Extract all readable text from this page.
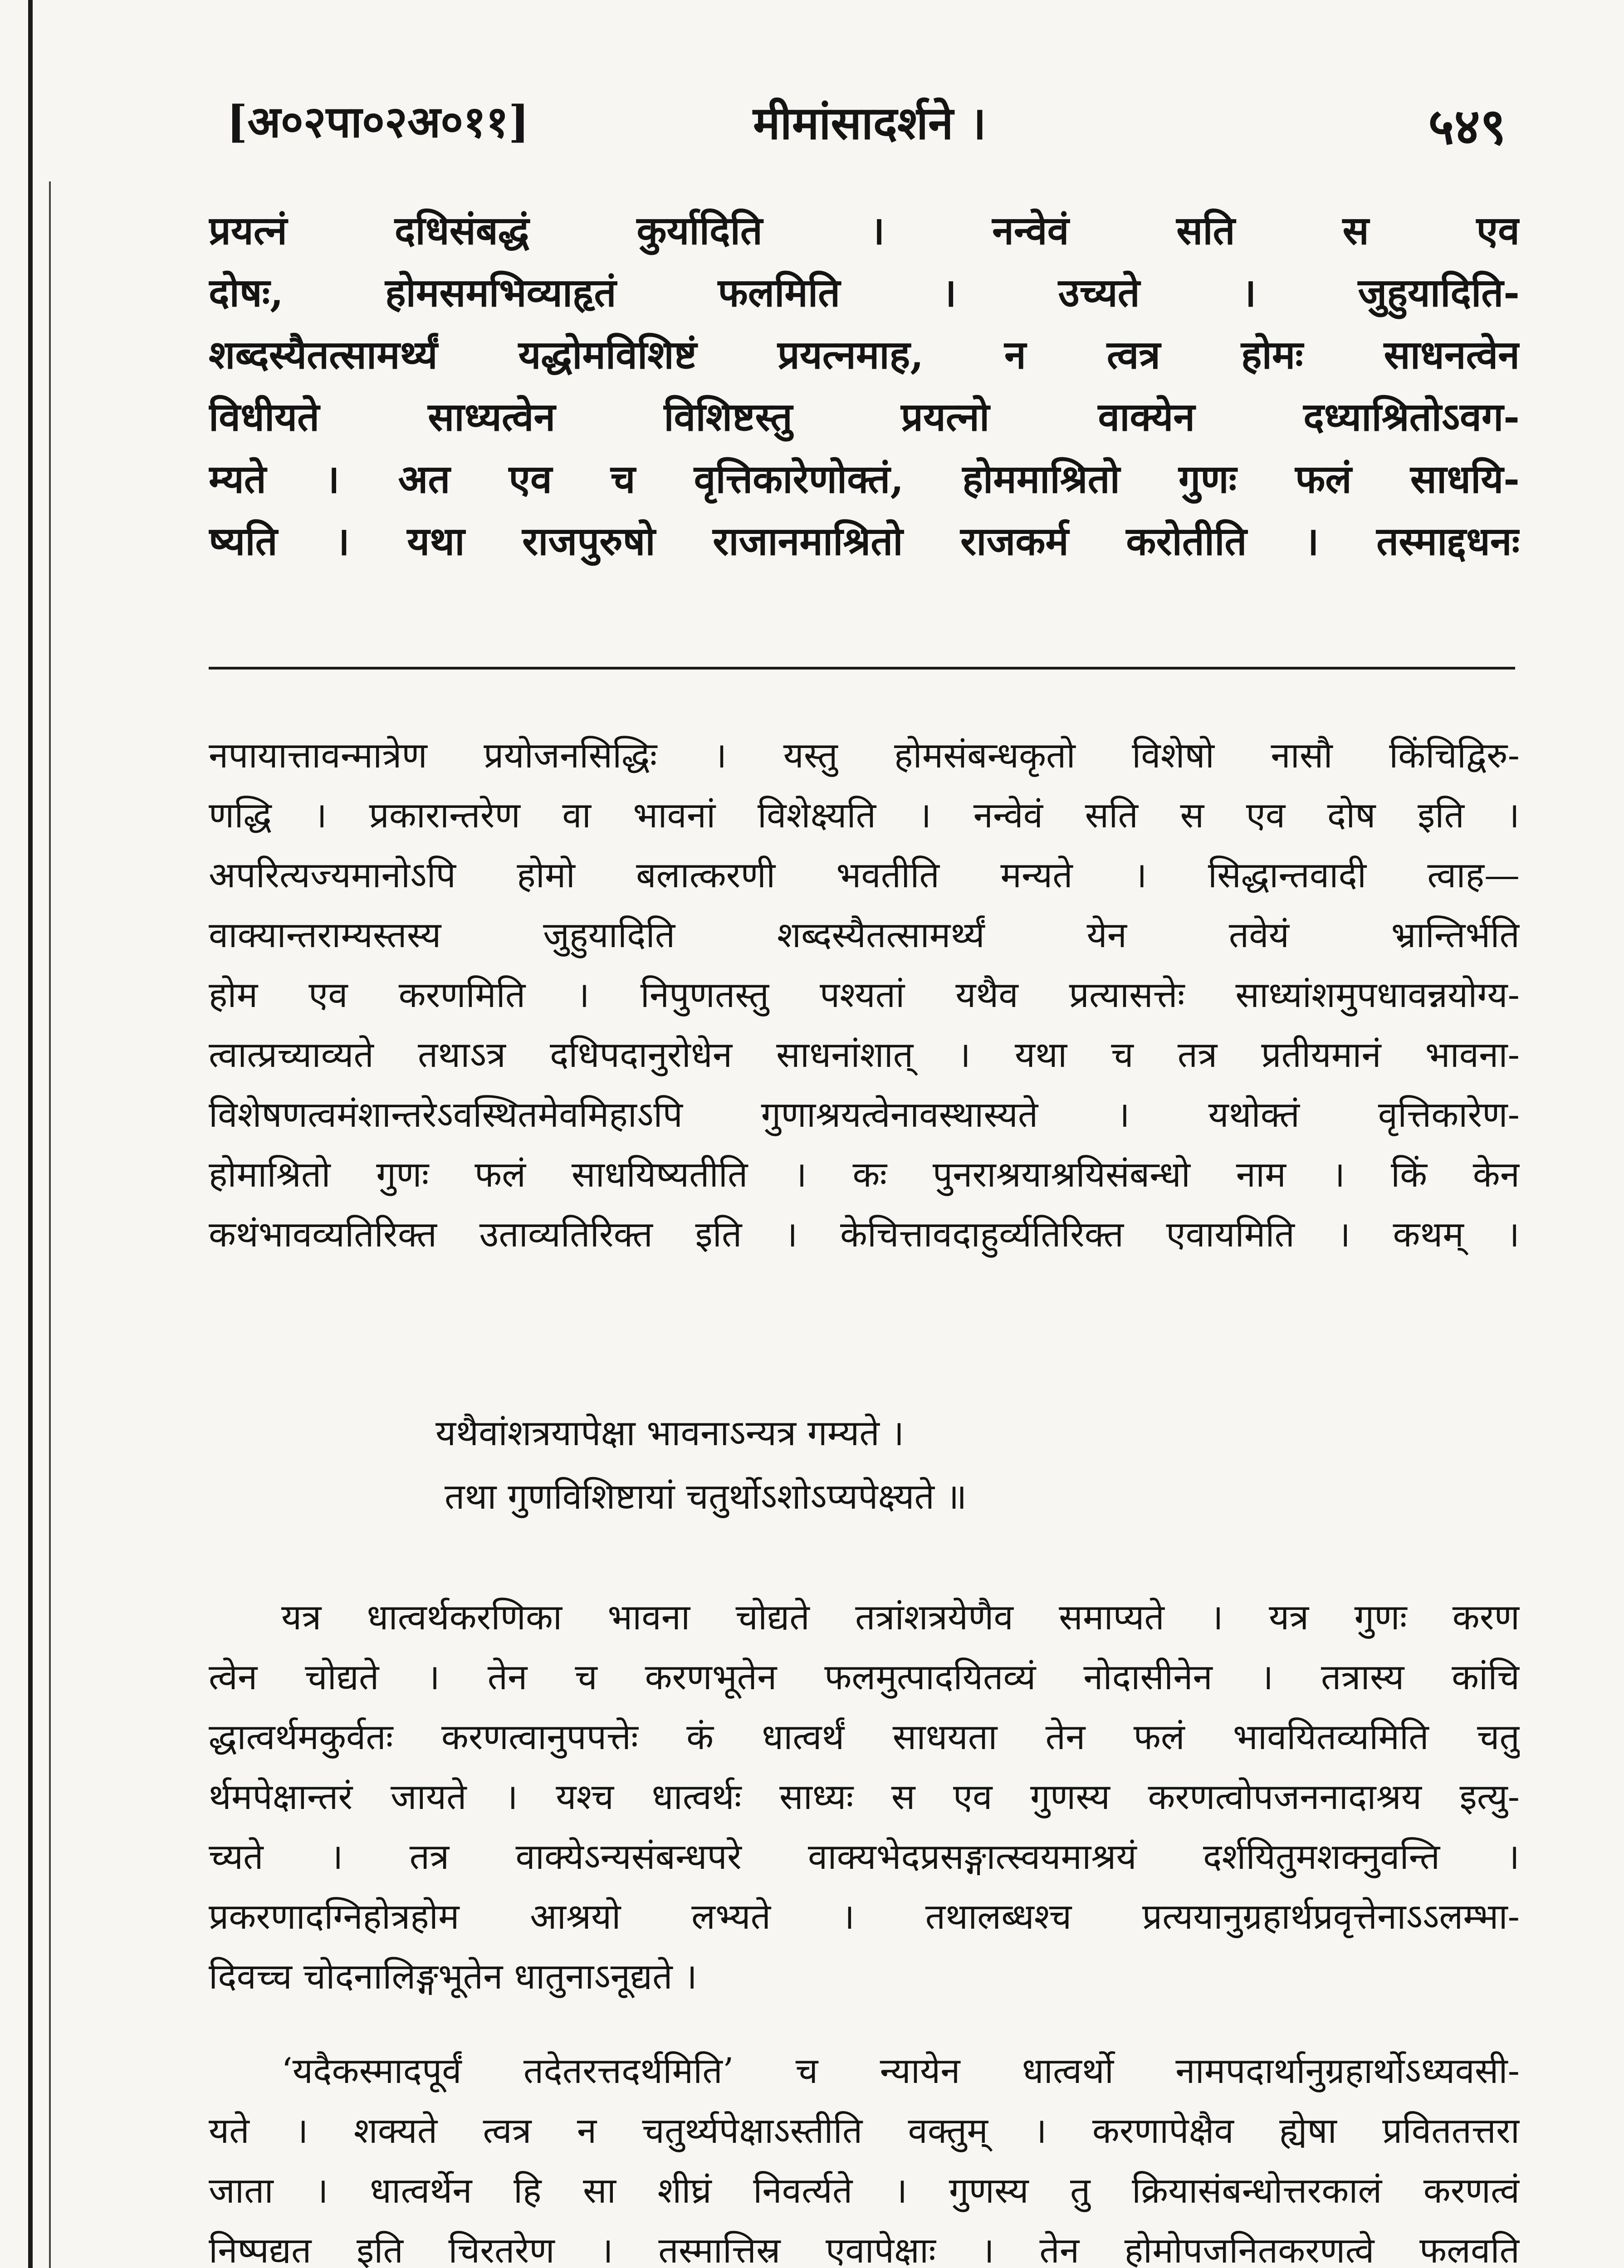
[अ०२पा०२अ०११]	मीमांसादर्शने ।	५४९
प्रयत्नं दधिसंबद्धं कुर्यादिति । नन्वेवं सति स एव
दोषः, होमसमभिव्याहृतं फलमिति । उच्यते । जुहुयादिति-
शब्दस्यैतत्सामर्थ्यं यद्धोमविशिष्टं प्रयत्नमाह, न त्वत्र होमः साधनत्वेन
विधीयते साध्यत्वेन विशिष्टस्तु प्रयत्नो वाक्येन दध्याश्रितोऽवग-
म्यते । अत एव च वृत्तिकारेणोक्तं, होममाश्रितो गुणः फलं साधयि-
ष्यति । यथा राजपुरुषो राजानमाश्रितो राजकर्म करोतीति । तस्माद्दधनः
नपायात्तावन्मात्रेण प्रयोजनसिद्धिः । यस्तु होमसंबन्धकृतो विशेषो नासौ किंचिद्विरु-
णद्धि । प्रकारान्तरेण वा भावनां विशेक्ष्यति । नन्वेवं सति स एव दोष इति ।
अपरित्यज्यमानोऽपि होमो बलात्करणी भवतीति मन्यते । सिद्धान्तवादी त्वाह—
वाक्यान्तराम्यस्तस्य जुहुयादिति शब्दस्यैतत्सामर्थ्यं येन तवेयं भ्रान्तिर्भति
होम एव करणमिति । निपुणतस्तु पश्यतां यथैव प्रत्यासत्तेः साध्यांशमुपधावन्नयोग्य-
त्वात्प्रच्याव्यते तथाऽत्र दधिपदानुरोधेन साधनांशात् । यथा च तत्र प्रतीयमानं भावना-
विशेषणत्वमंशान्तरेऽवस्थितमेवमिहाऽपि गुणाश्रयत्वेनावस्थास्यते । यथोक्तं वृत्तिकारेण-
होमाश्रितो गुणः फलं साधयिष्यतीति । कः पुनराश्रयाश्रयिसंबन्धो नाम । किं केन
कथंभावव्यतिरिक्त उताव्यतिरिक्त इति । केचित्तावदाहुर्व्यतिरिक्त एवायमिति । कथम् ।
यथैवांशत्रयापेक्षा भावनाऽन्यत्र गम्यते ।
तथा गुणविशिष्टायां चतुर्थोऽशोऽप्यपेक्ष्यते ॥
यत्र धात्वर्थकरणिका भावना चोद्यते तत्रांशत्रयेणैव समाप्यते । यत्र गुणः करण
त्वेन चोद्यते । तेन च करणभूतेन फलमुत्पादयितव्यं नोदासीनेन । तत्रास्य कांचि
द्धात्वर्थमकुर्वतः करणत्वानुपपत्तेः कं धात्वर्थं साधयता तेन फलं भावयितव्यमिति चतु
र्थमपेक्षान्तरं जायते । यश्च धात्वर्थः साध्यः स एव गुणस्य करणत्वोपजननादाश्रय इत्यु-
च्यते । तत्र वाक्येऽन्यसंबन्धपरे वाक्यभेदप्रसङ्गात्स्वयमाश्रयं दर्शयितुमशक्नुवन्ति ।
प्रकरणादग्निहोत्रहोम आश्रयो लभ्यते । तथालब्धश्च प्रत्ययानुग्रहार्थप्रवृत्तेनाऽऽलम्भा-
दिवच्च चोदनालिङ्गभूतेन धातुनाऽनूद्यते ।
‘यदैकस्मादपूर्वं तदेतरत्तदर्थमिति’ च न्यायेन धात्वर्थो नामपदार्थानुग्रहार्थोऽध्यवसी-
यते । शक्यते त्वत्र न चतुर्थ्यपेक्षाऽस्तीति वक्तुम् । करणापेक्षैव ह्येषा प्रविततत्तरा
जाता । धात्वर्थेन हि सा शीघ्रं निवर्त्यते । गुणस्य तु क्रियासंबन्धोत्तरकालं करणत्वं
निष्पद्यत इति चिरतरेण । तस्मात्तिस्र एवापेक्षाः । तेन होमोपजनितकरणत्वे फलवति
